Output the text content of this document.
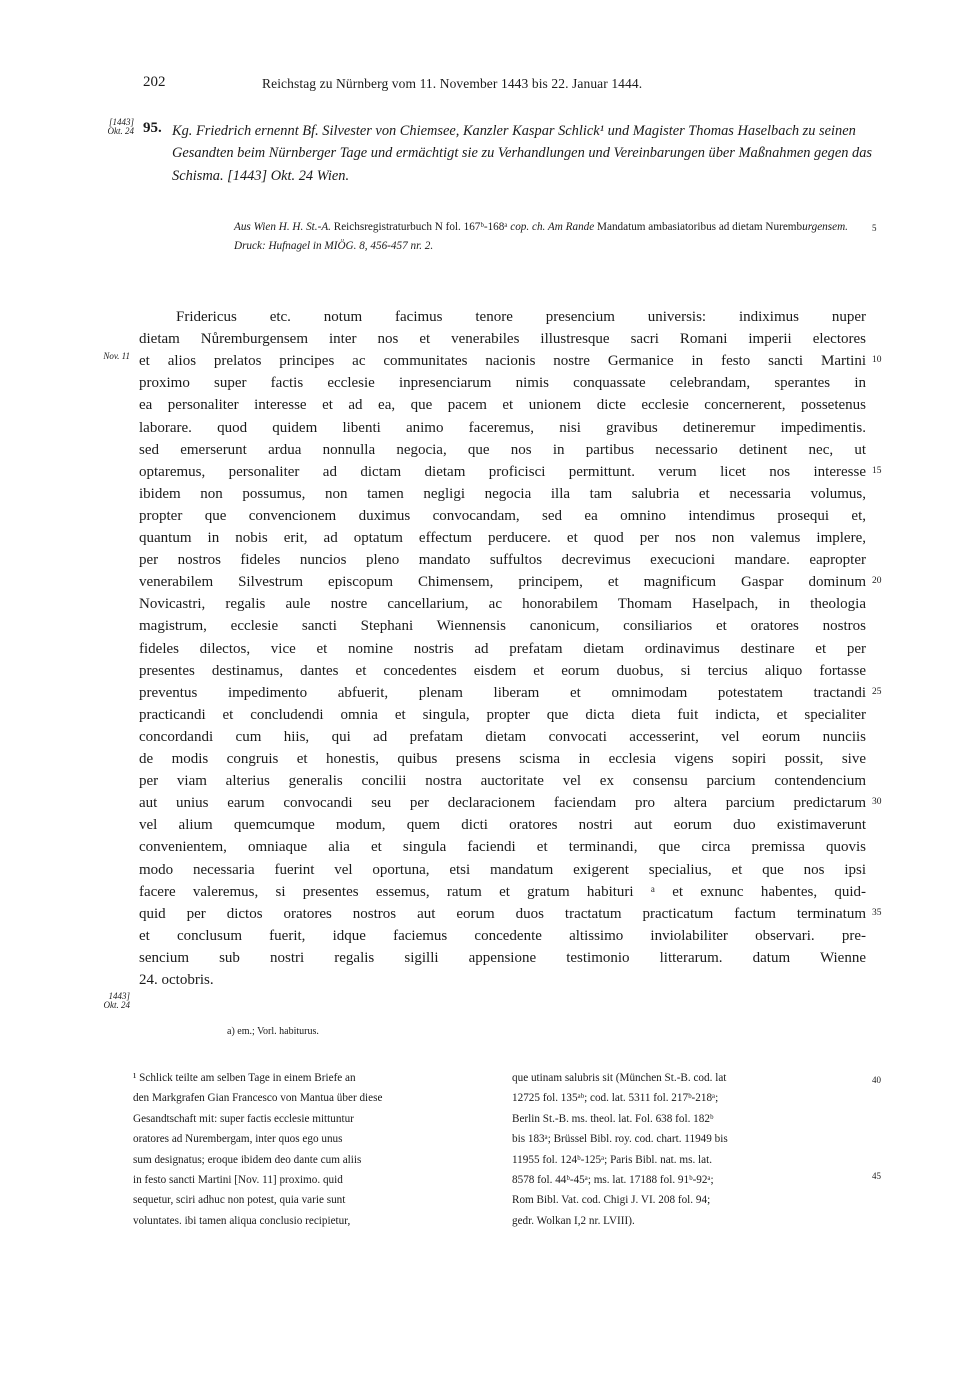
202	Reichstag zu Nürnberg vom 11. November 1443 bis 22. Januar 1444.
[1443]
Okt. 24 95. Kg. Friedrich ernennt Bf. Silvester von Chiemsee, Kanzler Kaspar Schlick¹ und Magister Thomas Haselbach zu seinen Gesandten beim Nürnberger Tage und ermächtigt sie zu Verhandlungen und Vereinbarungen über Maßnahmen gegen das Schisma. [1443] Okt. 24 Wien.
Aus Wien H. H. St.-A. Reichsregistraturbuch N fol. 167ᵇ-168ᵃ cop. ch. Am Rande Mandatum ambasiatoribus ad dietam Nuremburgensem.
Druck: Hufnagel in MIÖG. 8, 456-457 nr. 2.
5
Nov. 11
1443]
Okt. 24
Fridericus etc. notum facimus tenore presencium universis: indiximus nuper
dietam Nůremburgensem inter nos et venerabiles illustresque sacri Romani imperii electores
et alios prelatos principes ac communitates nacionis nostre Germanice in festo sancti Martini
proximo super factis ecclesie inpresenciarum nimis conquassate celebrandam, sperantes in
ea personaliter interesse et ad ea, que pacem et unionem dicte ecclesie concernerent, possetenus
laborare. quod quidem libenti animo faceremus, nisi gravibus detineremur impedimentis.
sed emerserunt ardua nonnulla negocia, que nos in partibus necessario detinent nec, ut
optaremus, personaliter ad dictam dietam proficisci permittunt. verum licet nos interesse
ibidem non possumus, non tamen negligi negocia illa tam salubria et necessaria volumus,
propter que convencionem duximus convocandam, sed ea omnino intendimus prosequi et,
quantum in nobis erit, ad optatum effectum perducere. et quod per nos non valemus implere,
per nostros fideles nuncios pleno mandato suffultos decrevimus execucioni mandare. eapropter
venerabilem Silvestrum episcopum Chimensem, principem, et magnificum Gaspar dominum
Novicastri, regalis aule nostre cancellarium, ac honorabilem Thomam Haselpach, in theologia
magistrum, ecclesie sancti Stephani Wiennensis canonicum, consiliarios et oratores nostros
fideles dilectos, vice et nomine nostris ad prefatam dietam ordinavimus destinare et per
presentes destinamus, dantes et concedentes eisdem et eorum duobus, si tercius aliquo fortasse
preventus impedimento abfuerit, plenam liberam et omnimodam potestatem tractandi
practicandi et concludendi omnia et singula, propter que dicta dieta fuit indicta, et specialiter
concordandi cum hiis, qui ad prefatam dietam convocati accesserint, vel eorum nunciis
de modis congruis et honestis, quibus presens scisma in ecclesia vigens sopiri possit, sive
per viam alterius generalis concilii nostra auctoritate vel ex consensu parcium contendencium
aut unius earum convocandi seu per declaracionem faciendam pro altera parcium predictarum
vel alium quemcumque modum, quem dicti oratores nostri aut eorum duo existimaverunt
convenientem, omniaque alia et singula faciendi et terminandi, que circa premissa quovis
modo necessaria fuerint vel oportuna, etsi mandatum exigerent specialius, et que nos ipsi
facere valeremus, si presentes essemus, ratum et gratum habituri ᵃ et exnunc habentes, quid-
quid per dictos oratores nostros aut eorum duos tractatum practicatum factum terminatum
et conclusum fuerit, idque faciemus concedente altissimo inviolabiliter observari. pre-
sencium sub nostri regalis sigilli appensione testimonio litterarum. datum Wienne
24. octobris.
10
15
20
25
30
35
a) em.; Vorl. habiturus.
¹ Schlick teilte am selben Tage in einem Briefe an
den Markgrafen Gian Francesco von Mantua über diese
Gesandtschaft mit: super factis ecclesie mittuntur
oratores ad Nurembergam, inter quos ego unus
sum designatus; eroque ibidem deo dante cum aliis
in festo sancti Martini [Nov. 11] proximo. quid
sequetur, sciri adhuc non potest, quia varie sunt
voluntates. ibi tamen aliqua conclusio recipietur,
que utinam salubris sit (München St.-B. cod. lat
12725 fol. 135ᵃᵇ; cod. lat. 5311 fol. 217ᵇ-218ᵃ;
Berlin St.-B. ms. theol. lat. Fol. 638 fol. 182ᵇ
bis 183ᵃ; Brüssel Bibl. roy. cod. chart. 11949 bis
11955 fol. 124ᵇ-125ᵃ; Paris Bibl. nat. ms. lat.
8578 fol. 44ᵇ-45ᵃ; ms. lat. 17188 fol. 91ᵇ-92ᵃ;
Rom Bibl. Vat. cod. Chigi J. VI. 208 fol. 94;
gedr. Wolkan I,2 nr. LVIII).
40
45
